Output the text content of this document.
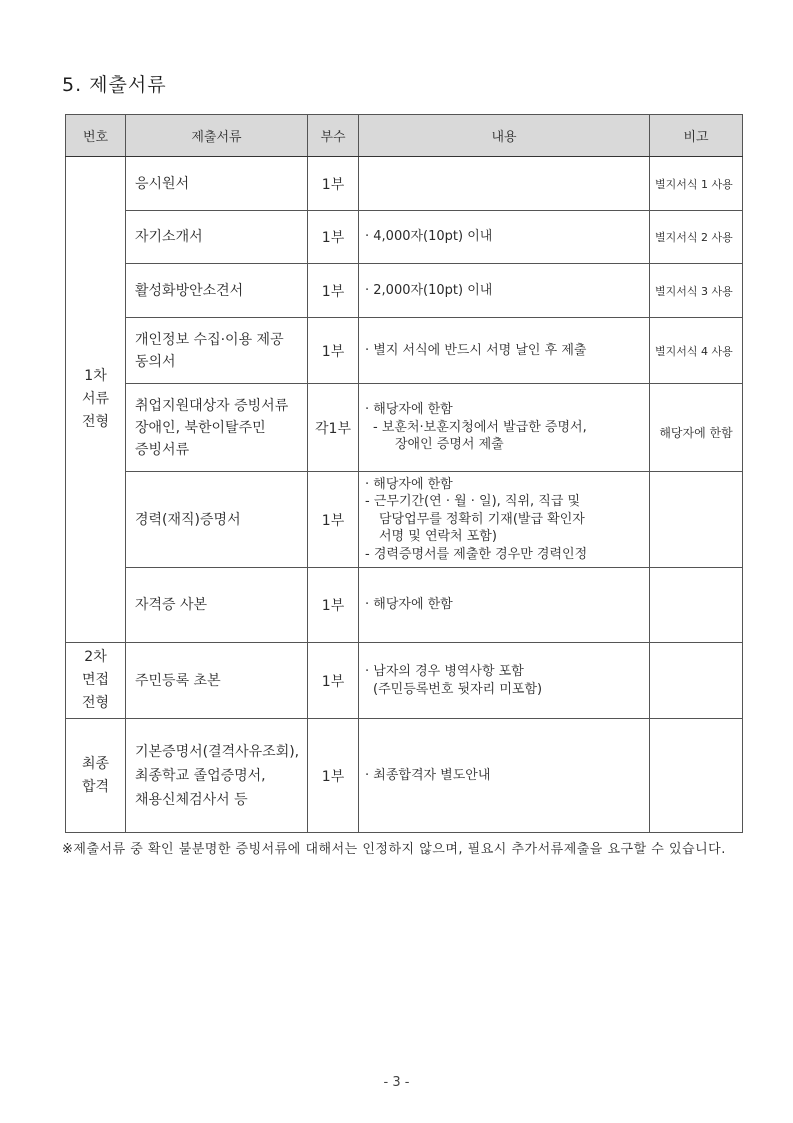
5. 제출서류
번호	제출서류	부수	내용	비고

1차
서류
전형	응시원서	1부		별지서식 1 사용
	자기소개서	1부	· 4,000자(10pt) 이내	별지서식 2 사용
	활성화방안소견서	1부	· 2,000자(10pt) 이내	별지서식 3 사용

	개인정보 수집·이용 제공
동의서	1부	· 별지 서식에 반드시 서명 날인 후 제출	별지서식 4 사용

	취업지원대상자 증빙서류
장애인, 북한이탈주민
증빙서류	각1부	· 해당자에 한함
- 보훈처·보훈지청에서 발급한 증명서,
장애인 증명서 제출	해당자에 한함
	경력(재직)증명서	1부	· 해당자에 한함
- 근무기간(연 · 월 · 일), 직위, 직급 및
담당업무를 정확히 기재(발급 확인자
서명 및 연락처 포함)
- 경력증명서를 제출한 경우만 경력인정	

	자격증 사본	1부	· 해당자에 한함	

2차
면접
전형	주민등록 초본	1부	· 남자의 경우 병역사항 포함
(주민등록번호 뒷자리 미포함)	

최종
합격	기본증명서(결격사유조회),
최종학교 졸업증명서,
채용신체검사서 등	1부	· 최종합격자 별도안내	
※제출서류 중 확인 불분명한 증빙서류에 대해서는 인정하지 않으며, 필요시 추가서류제출을 요구할 수 있습니다.
- 3 -
